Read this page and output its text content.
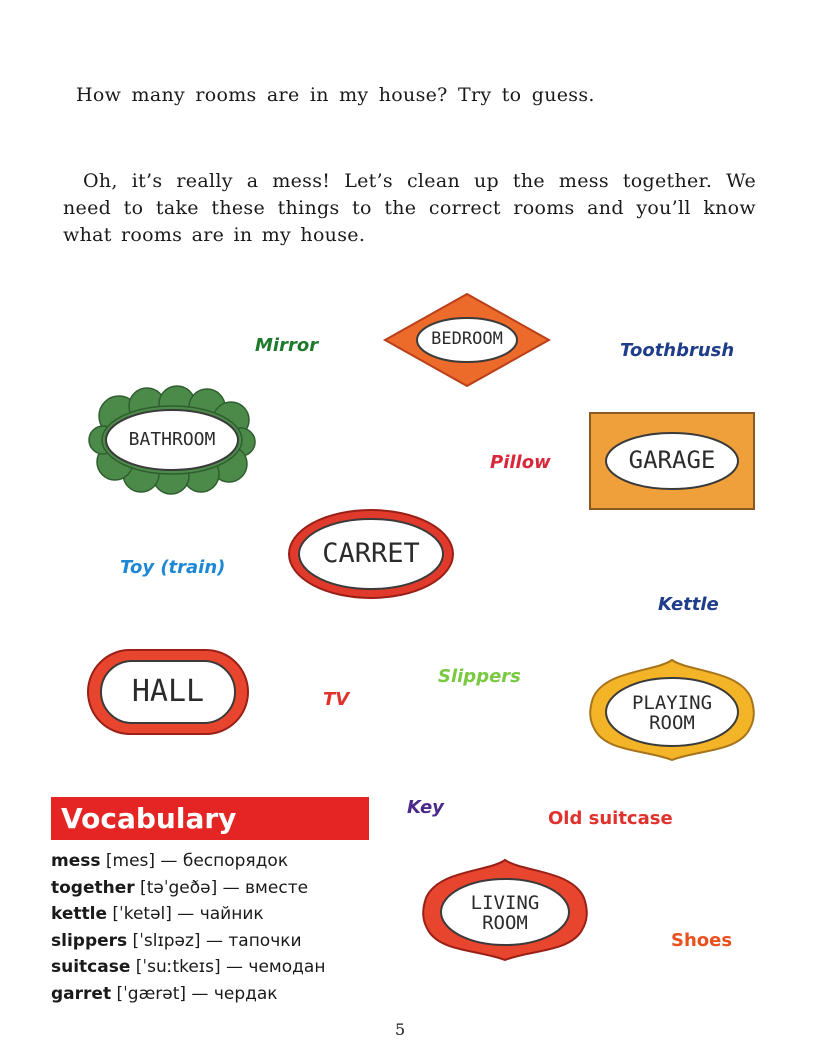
How many rooms are in my house? Try to guess.

Oh, it’s really a mess! Let’s clean up the mess together. We need to take these things to the correct rooms and you’ll know what rooms are in my house.

BEDROOM
BATHROOM
GARAGE
CARRET
HALL	PLAYING
ROOM
LIVING
ROOM
Mirror	Toothbrush
Pillow
Toy (train)
Kettle
Slippers
TV
Key
Old suitcase
Shoes
Vocabulary
mess [mes] — беспорядок
together [təˈgeðə] — вместе
kettle [ˈketəl] — чайник
slippers [ˈslɪpəz] — тапочки
suitcase [ˈsuːtkeɪs] — чемодан
garret [ˈgærət] — чердак
5
